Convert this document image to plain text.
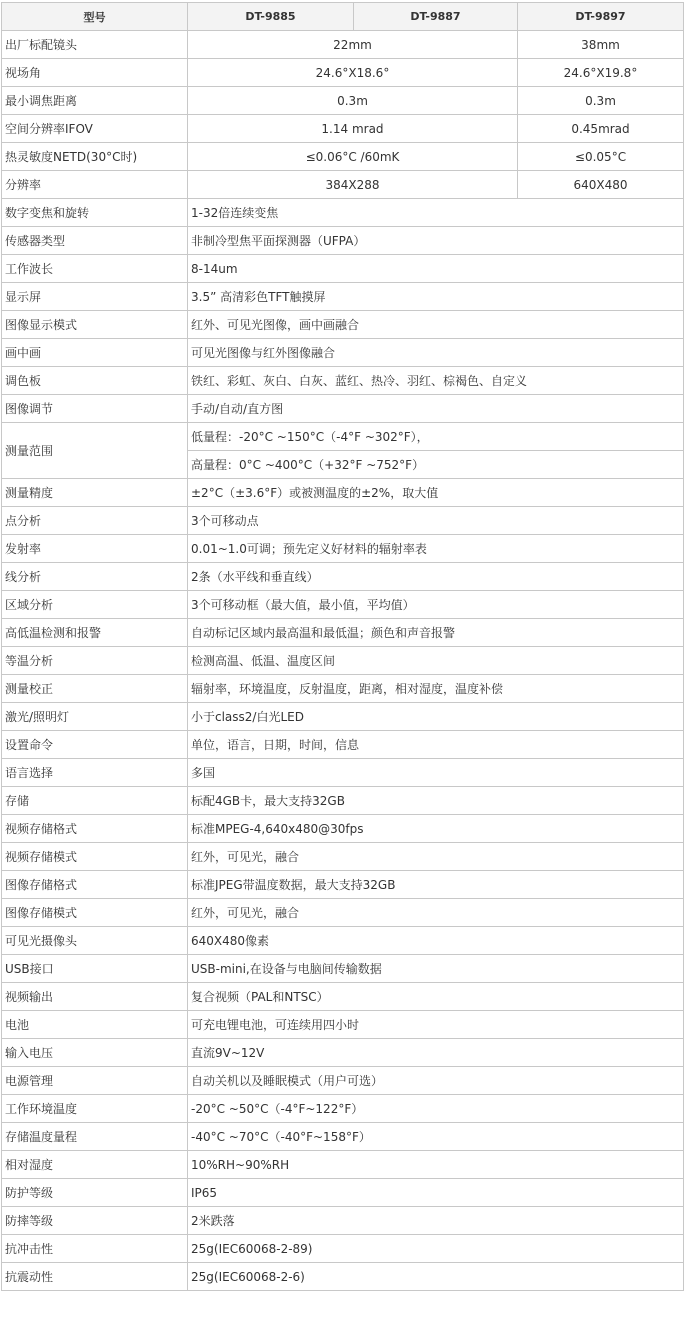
型号	DT-9885	DT-9887	DT-9897
出厂标配镜头	22mm		38mm
视场角	24.6°X18.6°		24.6°X19.8°
最小调焦距离	0.3m		0.3m
空间分辨率IFOV	1.14 mrad		0.45mrad
热灵敏度NETD(30°C时)	≤0.06°C /60mK		≤0.05°C
分辨率	384X288		640X480
数字变焦和旋转	1-32倍连续变焦		
传感器类型	非制冷型焦平面探测器（UFPA）		
工作波长	8-14um		
显示屏	3.5” 高清彩色TFT触摸屏		
图像显示模式	红外、可见光图像，画中画融合		
画中画	可见光图像与红外图像融合		
调色板	铁红、彩虹、灰白、白灰、蓝红、热冷、羽红、棕褐色、自定义		
图像调节	手动/自动/直方图		
测量范围	低量程：-20°C ~150°C（-4°F ~302°F），		
	高量程：0°C ~400°C（+32°F ~752°F）		
测量精度	±2°C（±3.6°F）或被测温度的±2%，取大值		
点分析	3个可移动点		
发射率	0.01~1.0可调；预先定义好材料的辐射率表		
线分析	2条（水平线和垂直线）		
区域分析	3个可移动框（最大值，最小值，平均值）		
高低温检测和报警	自动标记区域内最高温和最低温；颜色和声音报警		
等温分析	检测高温、低温、温度区间		
测量校正	辐射率，环境温度，反射温度，距离，相对湿度，温度补偿		
激光/照明灯	小于class2/白光LED		
设置命令	单位，语言，日期，时间，信息		
语言选择	多国		
存储	标配4GB卡，最大支持32GB		
视频存储格式	标准MPEG-4,640x480@30fps		
视频存储模式	红外，可见光，融合		
图像存储格式	标准JPEG带温度数据，最大支持32GB		
图像存储模式	红外，可见光，融合		
可见光摄像头	640X480像素		
USB接口	USB-mini,在设备与电脑间传输数据		
视频输出	复合视频（PAL和NTSC）		
电池	可充电锂电池，可连续用四小时		
输入电压	直流9V~12V		
电源管理	自动关机以及睡眠模式（用户可选）		
工作环境温度	-20°C ~50°C（-4°F~122°F）		
存储温度量程	-40°C ~70°C（-40°F~158°F）		
相对湿度	10%RH~90%RH		
防护等级	IP65		
防摔等级	2米跌落		
抗冲击性	25g(IEC60068-2-89)		
抗震动性	25g(IEC60068-2-6)		
